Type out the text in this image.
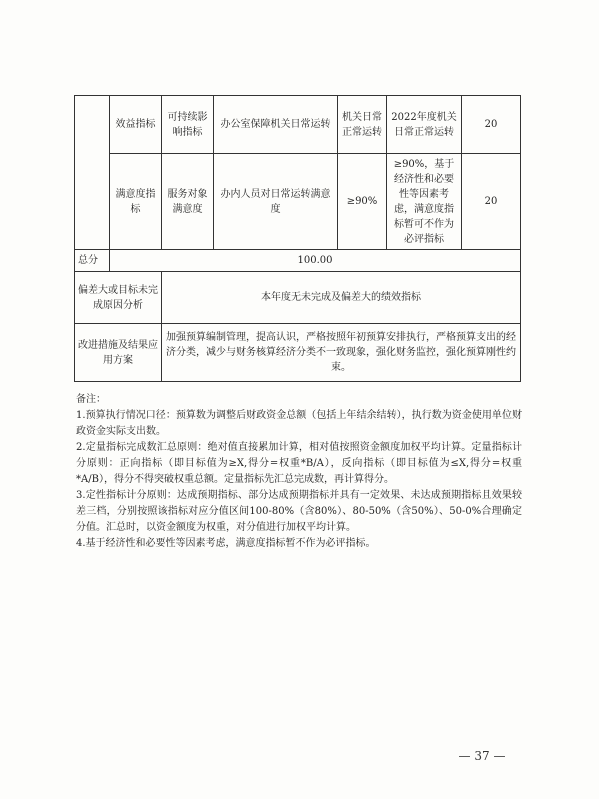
	效益指标	可持续影响指标	办公室保障机关日常运转	机关日常正常运转	2022年度机关日常正常运转	20
	满意度指标	服务对象满意度	办内人员对日常运转满意度	≥90%	≥90%，基于经济性和必要性等因素考虑，满意度指标暂可不作为必评指标	20
总分	100.00					
偏差大或目标未完成原因分析		本年度无未完成及偏差大的绩效指标				
改进措施及结果应用方案		加强预算编制管理，提高认识，严格按照年初预算安排执行，严格预算支出的经济分类，减少与财务核算经济分类不一致现象，强化财务监控，强化预算刚性约束。				

备注：

1.预算执行情况口径：预算数为调整后财政资金总额（包括上年结余结转），执行数为资金使用单位财政资金实际支出数。

2.定量指标完成数汇总原则：绝对值直接累加计算，相对值按照资金额度加权平均计算。定量指标计分原则：正向指标（即目标值为≥X,得分=权重*B/A），反向指标（即目标值为≤X,得分=权重*A/B），得分不得突破权重总额。定量指标先汇总完成数，再计算得分。

3.定性指标计分原则：达成预期指标、部分达成预期指标并具有一定效果、未达成预期指标且效果较差三档，分别按照该指标对应分值区间100-80%（含80%）、80-50%（含50%）、50-0%合理确定分值。汇总时，以资金额度为权重，对分值进行加权平均计算。

4.基于经济性和必要性等因素考虑，满意度指标暂不作为必评指标。

— 37 —
